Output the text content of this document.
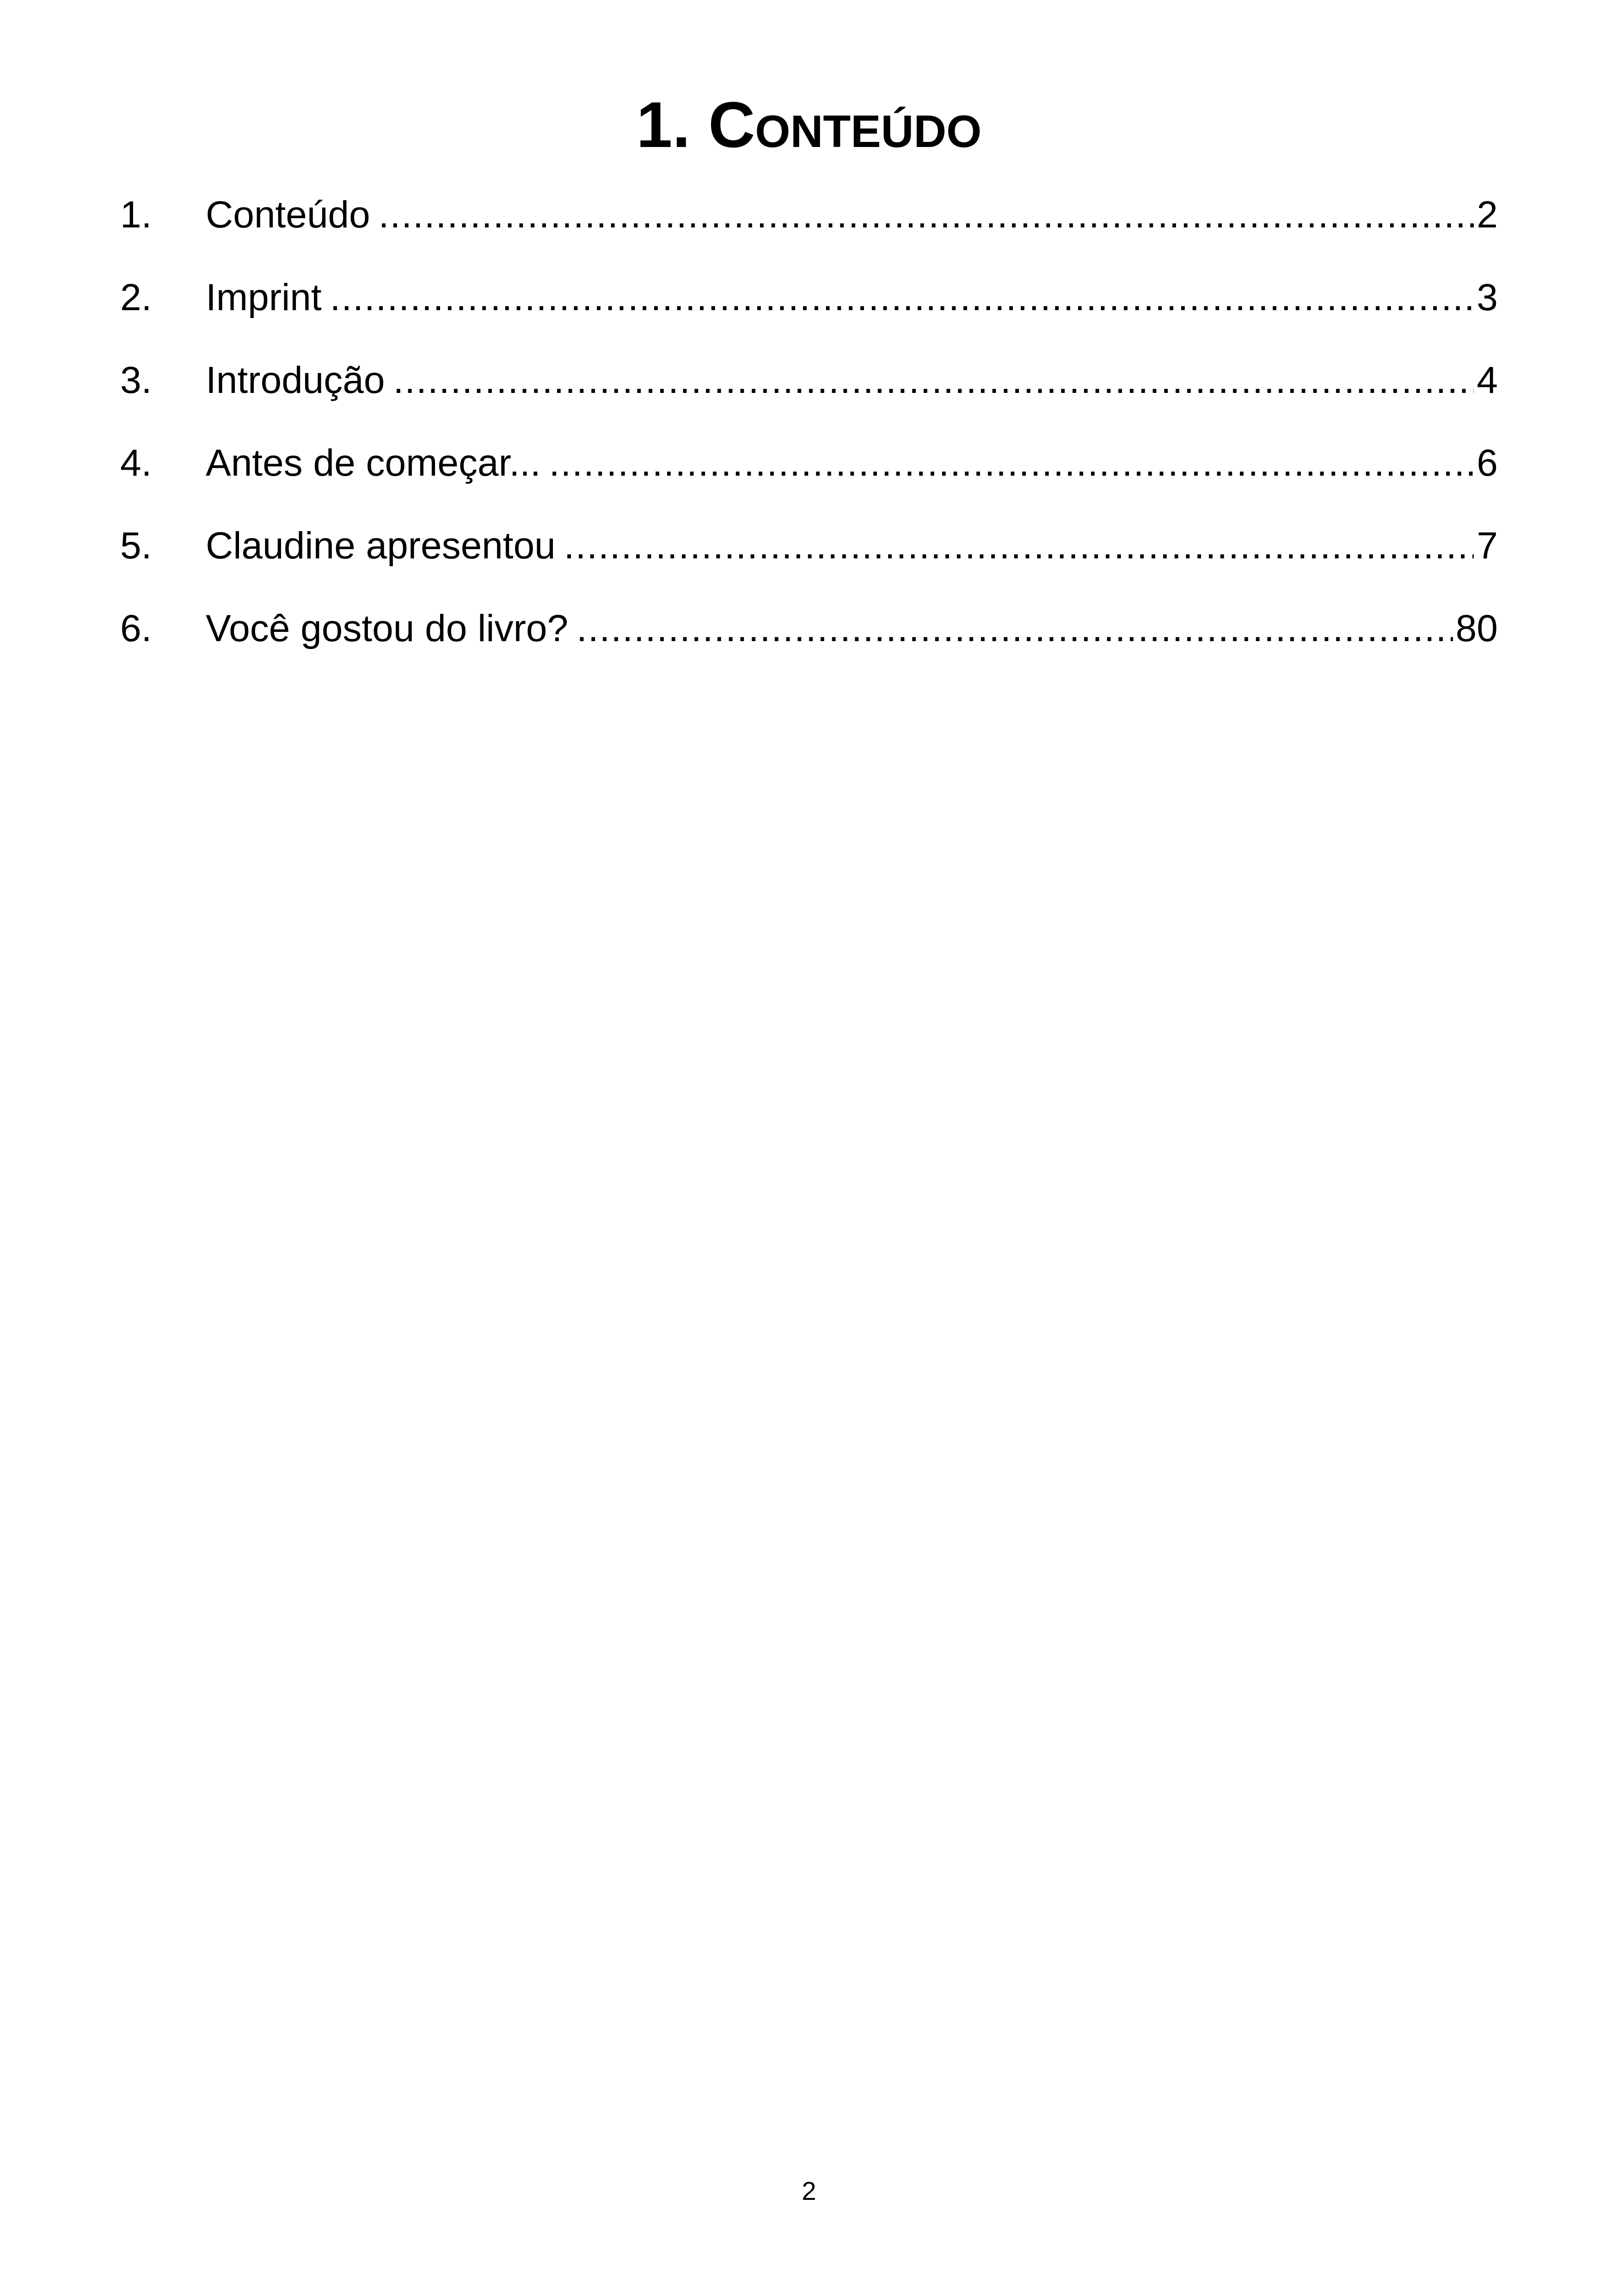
1. Conteúdo
1.	Conteúdo .....	2
2.	Imprint .....	3
3.	Introdução .....	4
4.	Antes de começar... .....	6
5.	Claudine apresentou .....	7
6.	Você gostou do livro? .....	80
2
